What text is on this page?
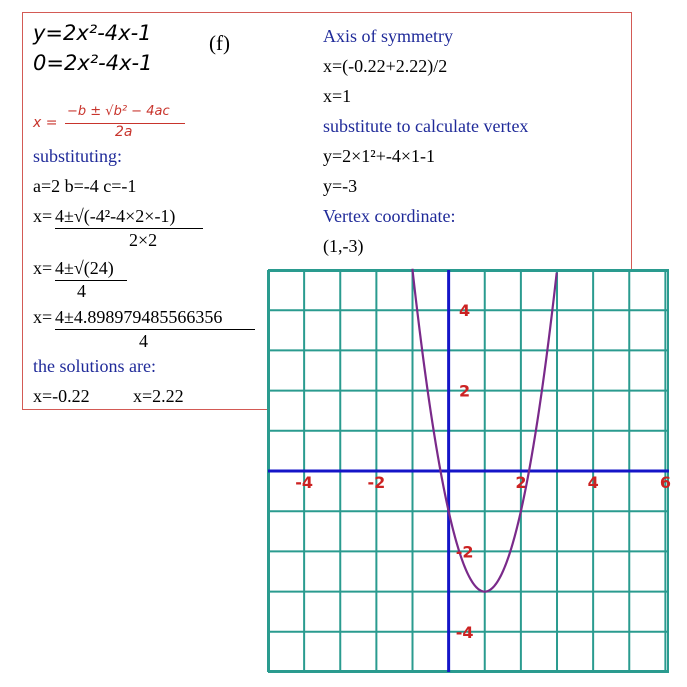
y=2x²-4x-1
0=2x²-4x-1
(f)
x =
−b ± √b² − 4ac
2a
substituting:
a=2 b=-4 c=-1
x= 4±√(-4²-4×2×-1)
2×2
x= 4±√(24)
4
x= 4±4.898979485566356
4
the solutions are:
x=-0.22 x=2.22
Axis of symmetry
x=(-0.22+2.22)/2
x=1
substitute to calculate vertex
y=2×1²+-4×1-1
y=-3
Vertex coordinate:
(1,-3)
-4	-2	2	4	6
4
2
-2
-4
